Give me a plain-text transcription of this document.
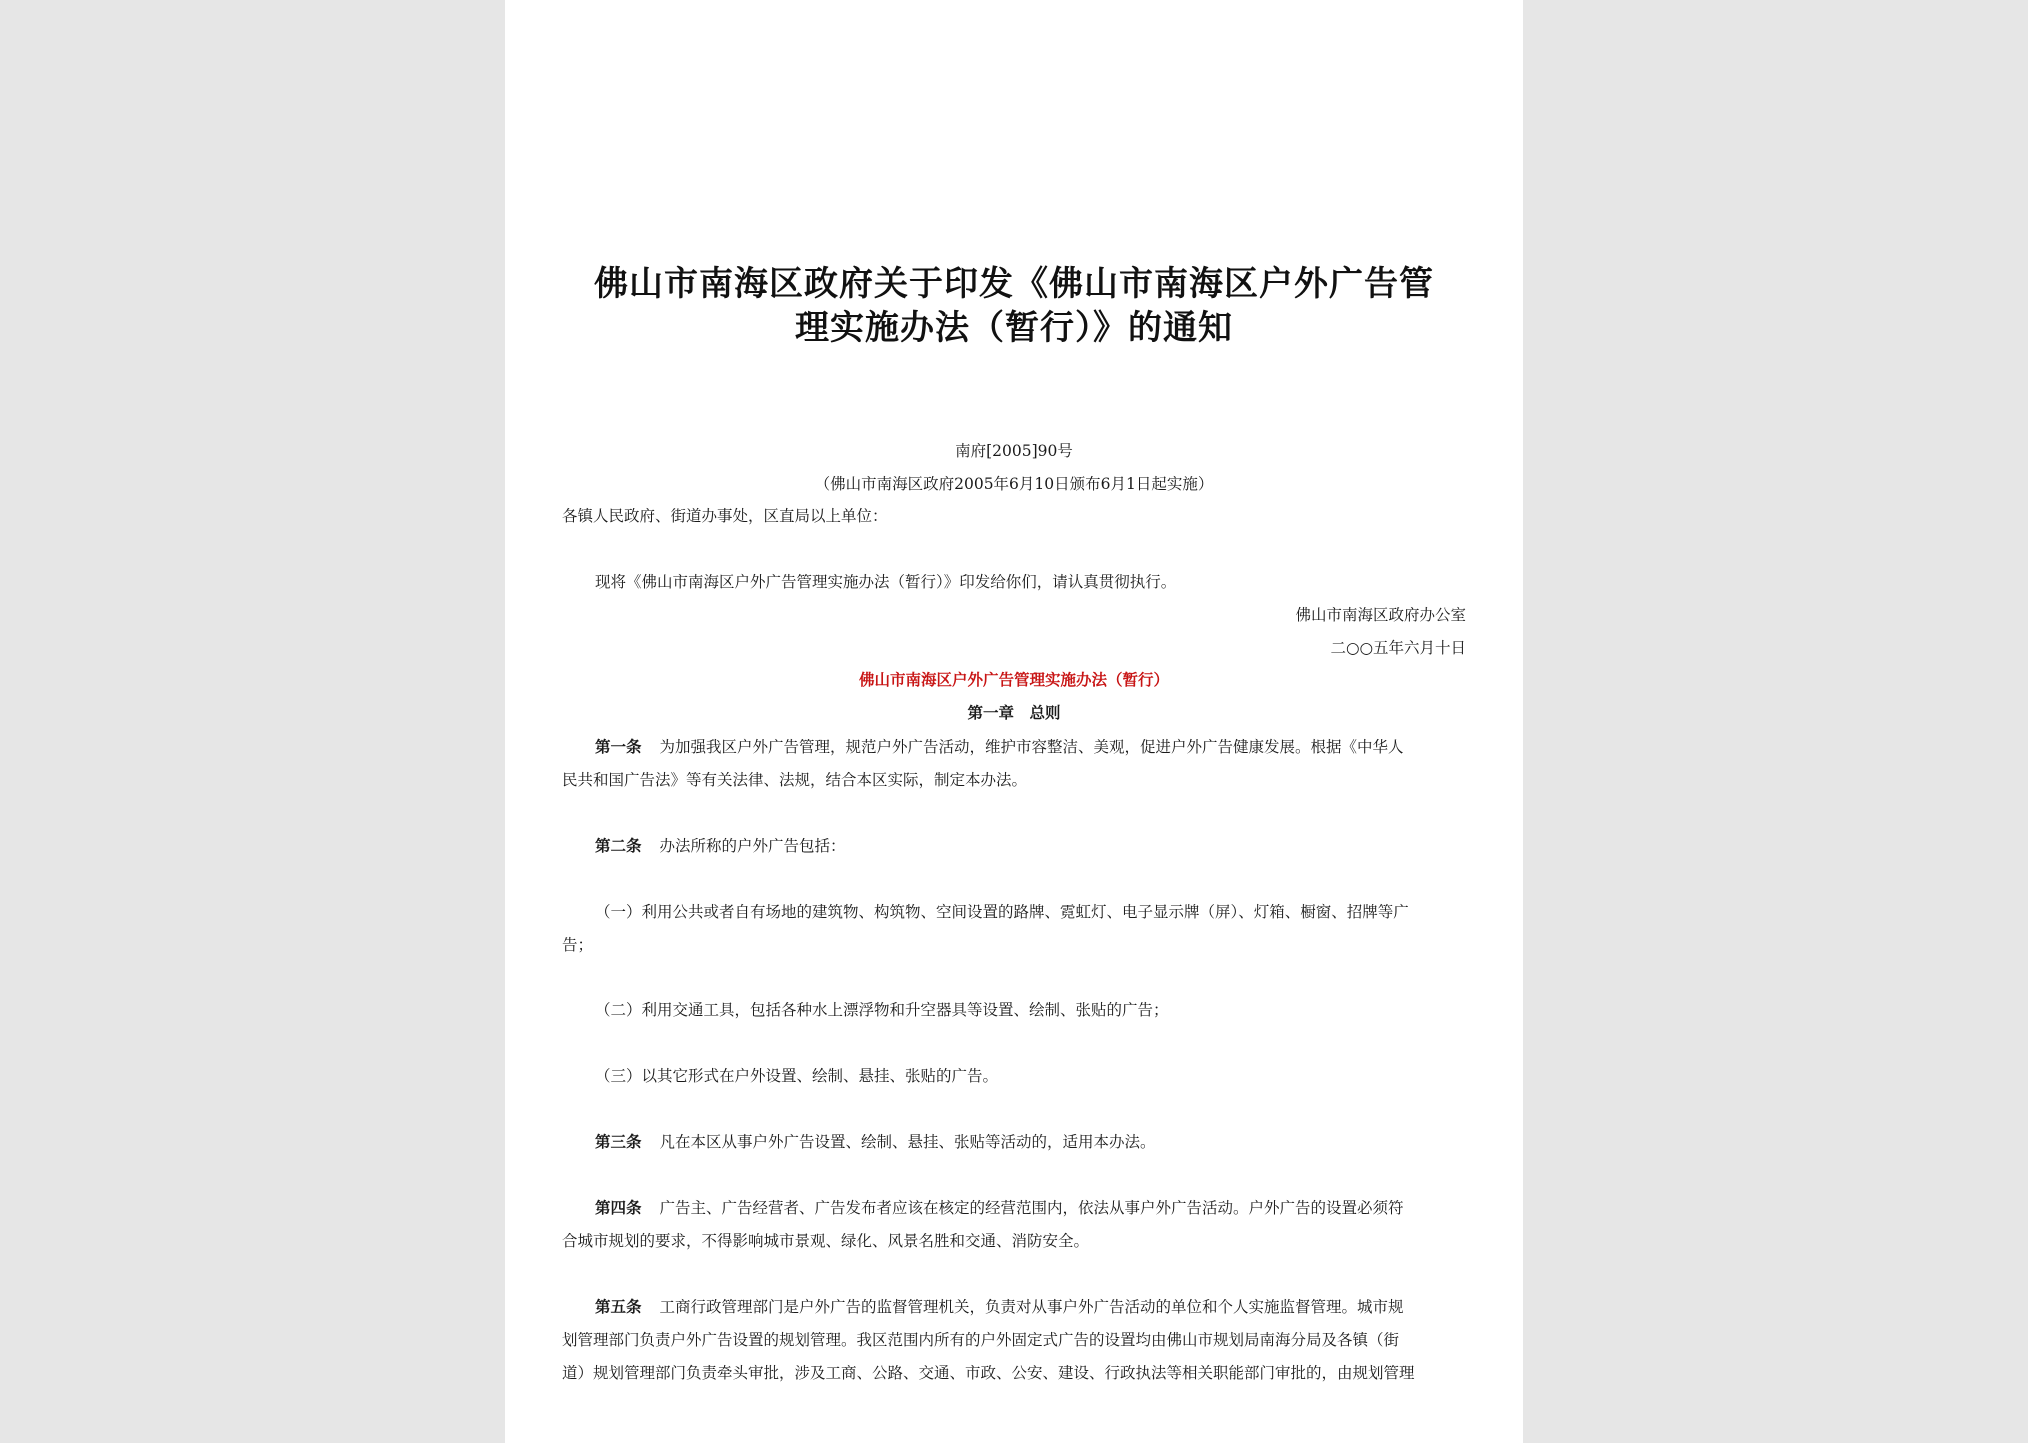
佛山市南海区政府关于印发《佛山市南海区户外广告管
理实施办法（暂行）》的通知
南府[2005]90号
（佛山市南海区政府2005年6月10日颁布6月1日起实施）
各镇人民政府、街道办事处，区直局以上单位：
现将《佛山市南海区户外广告管理实施办法（暂行）》印发给你们，请认真贯彻执行。
佛山市南海区政府办公室
二○○五年六月十日
佛山市南海区户外广告管理实施办法（暂行）
第一章　总则
第一条 为加强我区户外广告管理，规范户外广告活动，维护市容整洁、美观，促进户外广告健康发展。根据《中华人
民共和国广告法》等有关法律、法规，结合本区实际，制定本办法。
第二条 办法所称的户外广告包括：
（一）利用公共或者自有场地的建筑物、构筑物、空间设置的路牌、霓虹灯、电子显示牌（屏）、灯箱、橱窗、招牌等广
告；
（二）利用交通工具，包括各种水上漂浮物和升空器具等设置、绘制、张贴的广告；
（三）以其它形式在户外设置、绘制、悬挂、张贴的广告。
第三条 凡在本区从事户外广告设置、绘制、悬挂、张贴等活动的，适用本办法。
第四条 广告主、广告经营者、广告发布者应该在核定的经营范围内，依法从事户外广告活动。户外广告的设置必须符
合城市规划的要求，不得影响城市景观、绿化、风景名胜和交通、消防安全。
第五条 工商行政管理部门是户外广告的监督管理机关，负责对从事户外广告活动的单位和个人实施监督管理。城市规
划管理部门负责户外广告设置的规划管理。我区范围内所有的户外固定式广告的设置均由佛山市规划局南海分局及各镇（街
道）规划管理部门负责牵头审批，涉及工商、公路、交通、市政、公安、建设、行政执法等相关职能部门审批的，由规划管理
